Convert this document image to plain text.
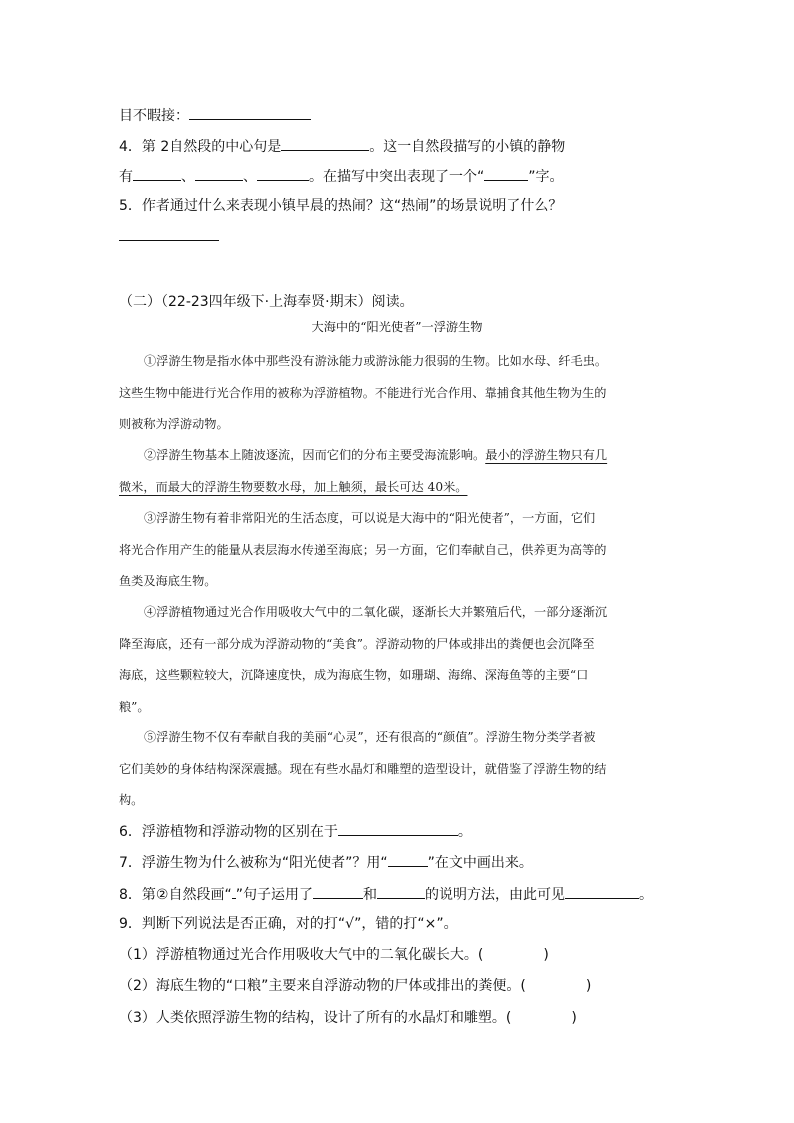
目不暇接：
4．第 2自然段的中心句是	。这一自然段描写的小镇的静物
有	、	、	。在描写中突出表现了一个“	”字。
5．作者通过什么来表现小镇早晨的热闹？这“热闹”的场景说明了什么？
（二）（22-23四年级下·上海奉贤·期末）阅读。
大海中的“阳光使者”一浮游生物
①浮游生物是指水体中那些没有游泳能力或游泳能力很弱的生物。比如水母、纤毛虫。
这些生物中能进行光合作用的被称为浮游植物。不能进行光合作用、靠捕食其他生物为生的
则被称为浮游动物。
②浮游生物基本上随波逐流，因而它们的分布主要受海流影响。最小的浮游生物只有几
微米，而最大的浮游生物要数水母，加上触须，最长可达 40米。
③浮游生物有着非常阳光的生活态度，可以说是大海中的“阳光使者”，一方面，它们
将光合作用产生的能量从表层海水传递至海底；另一方面，它们奉献自己，供养更为高等的
鱼类及海底生物。
④浮游植物通过光合作用吸收大气中的二氧化碳，逐渐长大并繁殖后代，一部分逐渐沉
降至海底，还有一部分成为浮游动物的“美食”。浮游动物的尸体或排出的粪便也会沉降至
海底，这些颗粒较大，沉降速度快，成为海底生物，如珊瑚、海绵、深海鱼等的主要“口
粮”。
⑤浮游生物不仅有奉献自我的美丽“心灵”，还有很高的“颜值”。浮游生物分类学者被
它们美妙的身体结构深深震撼。现在有些水晶灯和雕塑的造型设计，就借鉴了浮游生物的结
构。
6．浮游植物和浮游动物的区别在于	。
7．浮游生物为什么被称为“阳光使者”？用“	”在文中画出来。
8．第②自然段画“ ”句子运用了	和	的说明方法，由此可见	。
9．判断下列说法是否正确，对的打“√”，错的打“×”。
（1）浮游植物通过光合作用吸收大气中的二氧化碳长大。(	)
（2）海底生物的“口粮”主要来自浮游动物的尸体或排出的粪便。(	)
（3）人类依照浮游生物的结构，设计了所有的水晶灯和雕塑。(	)
